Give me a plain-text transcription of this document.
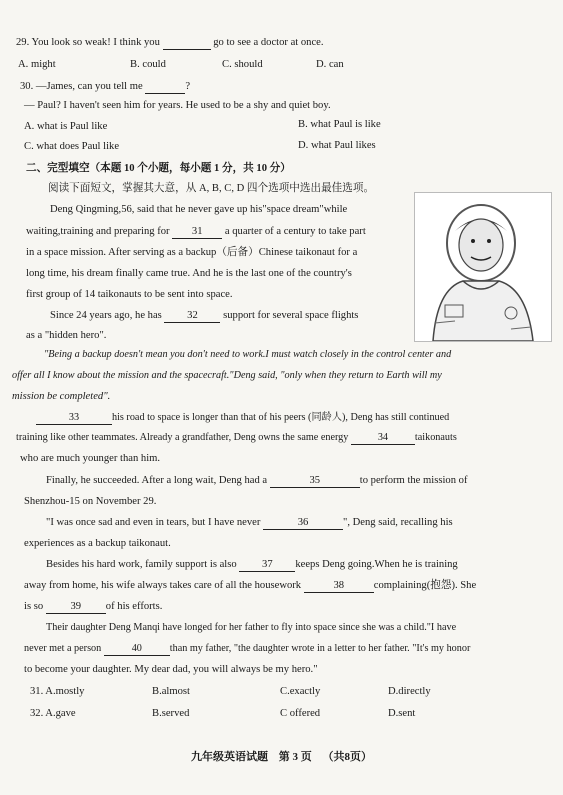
29. You look so weak! I think you	go to see a doctor at once.
A. might	B. could	C. should	D. can
30. —James, can you tell me	?
— Paul? I haven't seen him for years. He used to be a shy and quiet boy.
A. what is Paul like	B. what Paul is like
C. what does Paul like	D. what Paul likes
二、完型填空（本题 10 个小题，每小题 1 分，共 10 分）
阅读下面短文，掌握其大意，从 A, B, C, D 四个选项中选出最佳选项。
Deng Qingming,56, said that he never gave up his"space dream"while
waiting,training and preparing for 31 a quarter of a century to take part
in a space mission. After serving as a backup（后备）Chinese taikonaut for a
long time, his dream finally came true. And he is the last one of the country's
first group of 14 taikonauts to be sent into space.
Since 24 years ago, he has 32 support for several space flights
as a "hidden hero".
"Being a backup doesn't mean you don't need to work.I must watch closely in the control center and
offer all I know about the mission and the spacecraft."Deng said, "only when they return to Earth will my
mission be completed".
33	his road to space is longer than that of his peers (同龄人), Deng has still continued
training like other teammates. Already a grandfather, Deng owns the same energy	34	taikonauts
who are much younger than him.
Finally, he succeeded. After a long wait, Deng had a	35	to perform the mission of
Shenzhou-15 on November 29.
"I was once sad and even in tears, but I have never	36	", Deng said, recalling his
experiences as a backup taikonaut.
Besides his hard work, family support is also 37 keeps Deng going.When he is training
away from home, his wife always takes care of all the housework	38	complaining(抱怨). She
is so	39 of his efforts.
Their daughter Deng Manqi have longed for her father to fly into space since she was a child."I have
never met a person	40	than my father, "the daughter wrote in a letter to her father. "It's my honor
to become your daughter. My dear dad, you will always be my hero."
31. A.mostly	B.almost	C.exactly	D.directly
32. A.gave	B.served	C offered	D.sent
九年级英语试题 第 3 页 （共8页）
